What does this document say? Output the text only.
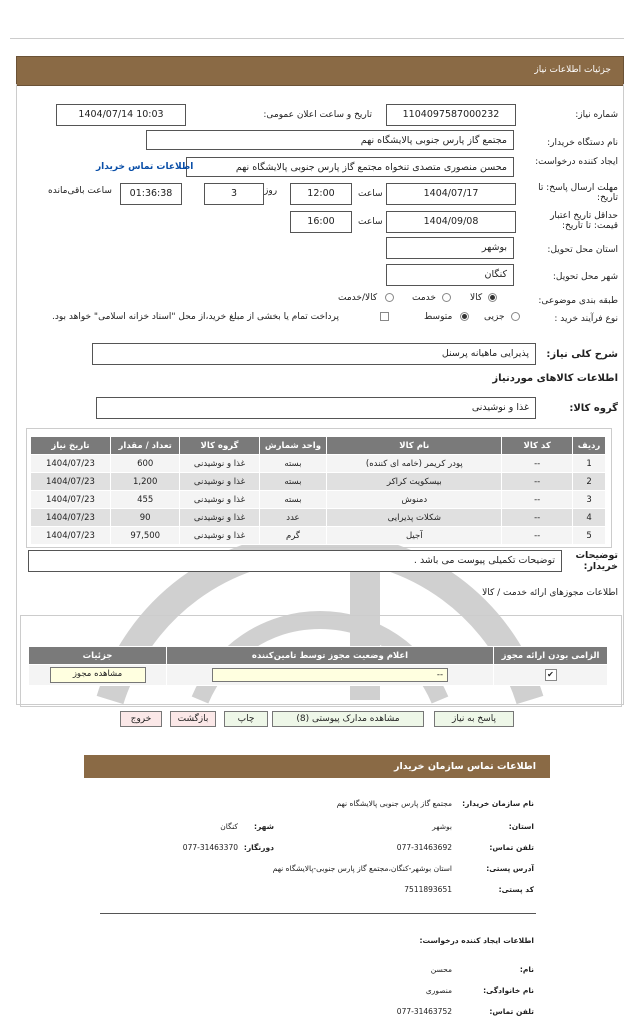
جزئیات اطلاعات نیاز
شماره نیاز:
1104097587000232
تاریخ و ساعت اعلان عمومی:
1404/07/14 10:03
نام دستگاه خریدار:
مجتمع گاز پارس جنوبی پالایشگاه نهم
ایجاد کننده درخواست:
محسن منصوری متصدی تنخواه مجتمع گاز پارس جنوبی پالایشگاه نهم
اطلاعات تماس خریدار
مهلت ارسال پاسخ: تا تاریخ:
1404/07/17
ساعت
12:00
روز
3
01:36:38
ساعت باقی‌مانده
حداقل تاریخ اعتبار قیمت: تا تاریخ:
1404/09/08
ساعت
16:00
استان محل تحویل:
بوشهر
شهر محل تحویل:
کنگان
طبقه بندی موضوعی:
کالا
خدمت
کالا/خدمت
نوع فرآیند خرید :
جزیی
متوسط
پرداخت تمام یا بخشی از مبلغ خرید،از محل "اسناد خزانه اسلامی" خواهد بود.
شرح کلی نیاز:
پذیرایی ماهیانه پرسنل
اطلاعات کالاهای موردنیاز
گروه کالا:
غذا و نوشیدنی
ردیف	کد کالا	نام کالا	واحد شمارش	گروه کالا	تعداد / مقدار	تاریخ نیاز
1	--	پودر کریمر (خامه ای کننده)	بسته	غذا و نوشیدنی	600	1404/07/23
2	--	بیسکویت کراکر	بسته	غذا و نوشیدنی	1,200	1404/07/23
3	--	دمنوش	بسته	غذا و نوشیدنی	455	1404/07/23
4	--	شکلات پذیرایی	عدد	غذا و نوشیدنی	90	1404/07/23
5	--	آجیل	گرم	غذا و نوشیدنی	97,500	1404/07/23
توضیحات خریدار:
توضیحات تکمیلی پیوست می باشد .
اطلاعات مجوزهای ارائه خدمت / کالا
الزامی بودن ارائه مجوز	اعلام وضعیت مجوز توسط تامین‌کننده	جزئیات
✔	--	مشاهده مجوز
پاسخ به نیاز
مشاهده مدارک پیوستی (8)
چاپ
بازگشت
خروج
اطلاعات تماس سازمان خریدار
نام سازمان خریدار:
مجتمع گاز پارس جنوبی پالایشگاه نهم
استان:
بوشهر
شهر:
کنگان
تلفن تماس:
077-31463692
دورنگار:
077-31463370
آدرس پستی:
استان بوشهر-کنگان،مجتمع گاز پارس جنوبی-پالایشگاه نهم
کد پستی:
7511893651
اطلاعات ایجاد کننده درخواست:
نام:
محسن
نام خانوادگی:
منصوری
تلفن تماس:
077-31463752
